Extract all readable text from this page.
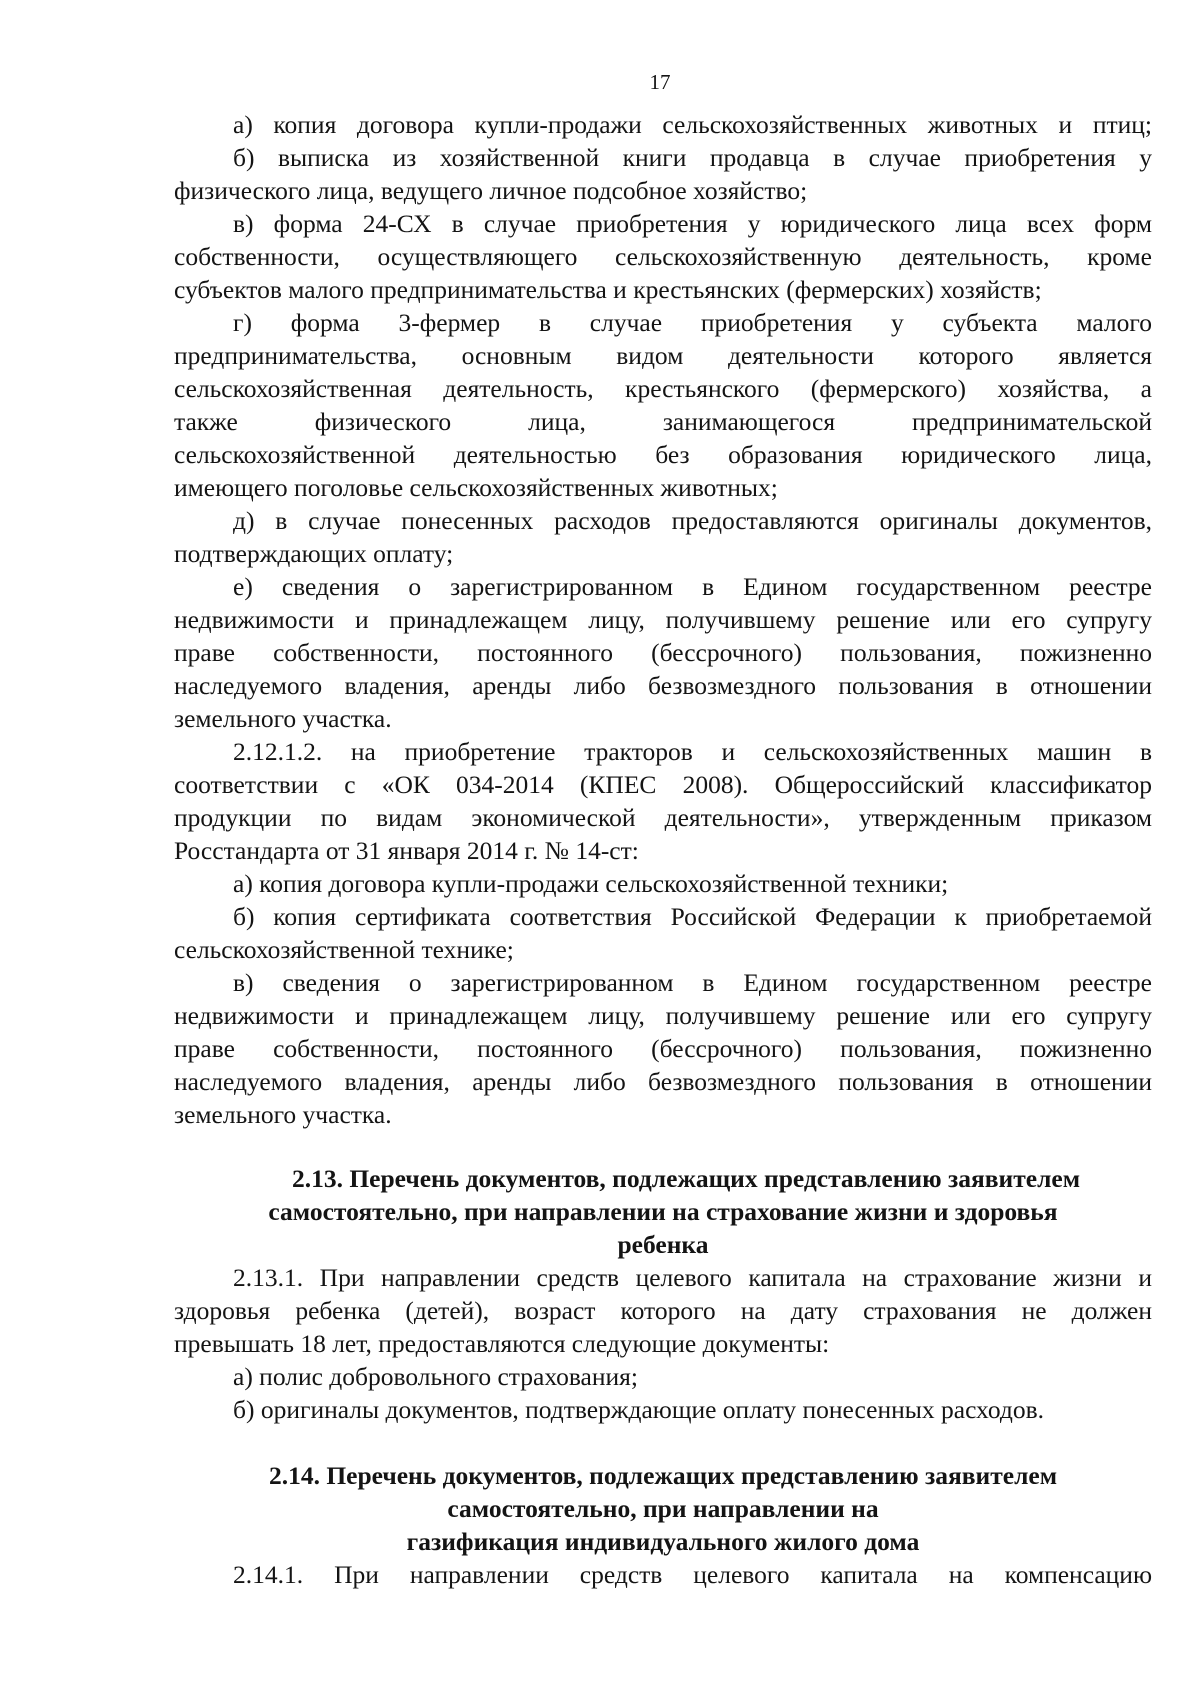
17
а) копия договора купли-продажи сельскохозяйственных животных и птиц;
б) выписка из хозяйственной книги продавца в случае приобретения у
физического лица, ведущего личное подсобное хозяйство;
в) форма 24-СХ в случае приобретения у юридического лица всех форм
собственности, осуществляющего сельскохозяйственную деятельность, кроме
субъектов малого предпринимательства и крестьянских (фермерских) хозяйств;
г) форма 3-фермер в случае приобретения у субъекта малого
предпринимательства, основным видом деятельности которого является
сельскохозяйственная деятельность, крестьянского (фермерского) хозяйства, а
также физического лица, занимающегося предпринимательской
сельскохозяйственной деятельностью без образования юридического лица,
имеющего поголовье сельскохозяйственных животных;
д) в случае понесенных расходов предоставляются оригиналы документов,
подтверждающих оплату;
е) сведения о зарегистрированном в Едином государственном реестре
недвижимости и принадлежащем лицу, получившему решение или его супругу
праве собственности, постоянного (бессрочного) пользования, пожизненно
наследуемого владения, аренды либо безвозмездного пользования в отношении
земельного участка.
2.12.1.2. на приобретение тракторов и сельскохозяйственных машин в
соответствии с «ОК 034-2014 (КПЕС 2008). Общероссийский классификатор
продукции по видам экономической деятельности», утвержденным приказом
Росстандарта от 31 января 2014 г. № 14-ст:
а) копия договора купли-продажи сельскохозяйственной техники;
б) копия сертификата соответствия Российской Федерации к приобретаемой
сельскохозяйственной технике;
в) сведения о зарегистрированном в Едином государственном реестре
недвижимости и принадлежащем лицу, получившему решение или его супругу
праве собственности, постоянного (бессрочного) пользования, пожизненно
наследуемого владения, аренды либо безвозмездного пользования в отношении
земельного участка.
2.13. Перечень документов, подлежащих представлению заявителем
самостоятельно, при направлении на страхование жизни и здоровья
ребенка
2.13.1. При направлении средств целевого капитала на страхование жизни и
здоровья ребенка (детей), возраст которого на дату страхования не должен
превышать 18 лет, предоставляются следующие документы:
а) полис добровольного страхования;
б) оригиналы документов, подтверждающие оплату понесенных расходов.
2.14. Перечень документов, подлежащих представлению заявителем
самостоятельно, при направлении на
газификация индивидуального жилого дома
2.14.1. При направлении средств целевого капитала на компенсацию
